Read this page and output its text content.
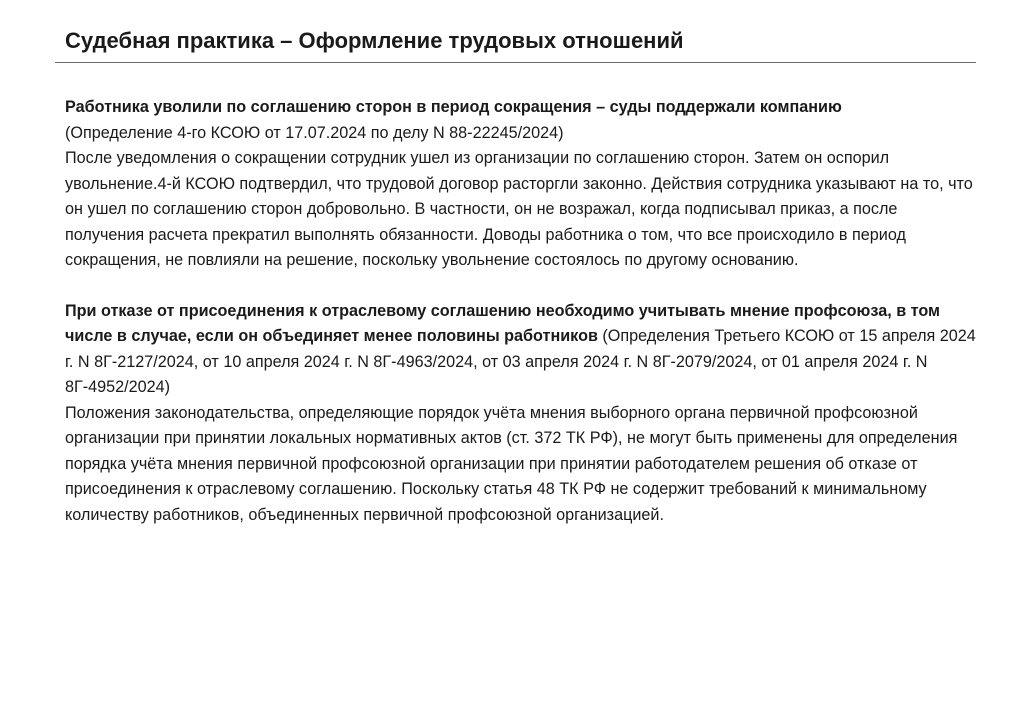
Судебная практика – Оформление трудовых отношений
Работника уволили по соглашению сторон в период сокращения – суды поддержали компанию
(Определение 4-го КСОЮ от 17.07.2024 по делу N 88-22245/2024)
После уведомления о сокращении сотрудник ушел из организации по соглашению сторон. Затем он оспорил увольнение.4-й КСОЮ подтвердил, что трудовой договор расторгли законно. Действия сотрудника указывают на то, что он ушел по соглашению сторон добровольно. В частности, он не возражал, когда подписывал приказ, а после получения расчета прекратил выполнять обязанности. Доводы работника о том, что все происходило в период сокращения, не повлияли на решение, поскольку увольнение состоялось по другому основанию.
При отказе от присоединения к отраслевому соглашению необходимо учитывать мнение профсоюза, в том числе в случае, если он объединяет менее половины работников (Определения Третьего КСОЮ от 15 апреля 2024 г. N 8Г-2127/2024, от 10 апреля 2024 г. N 8Г-4963/2024, от 03 апреля 2024 г. N 8Г-2079/2024, от 01 апреля 2024 г. N 8Г-4952/2024)
Положения законодательства, определяющие порядок учёта мнения выборного органа первичной профсоюзной организации при принятии локальных нормативных актов (ст. 372 ТК РФ), не могут быть применены для определения порядка учёта мнения первичной профсоюзной организации при принятии работодателем решения об отказе от присоединения к отраслевому соглашению. Поскольку статья 48 ТК РФ не содержит требований к минимальному количеству работников, объединенных первичной профсоюзной организацией.
